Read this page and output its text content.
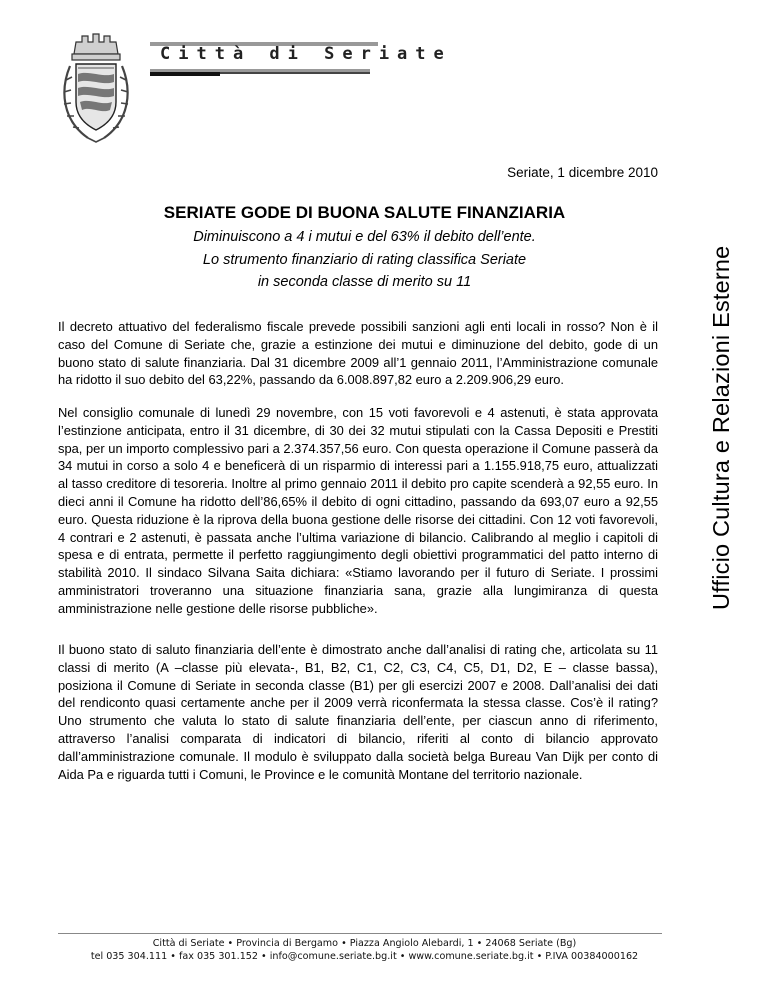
Città di Seriate
Ufficio Cultura e Relazioni Esterne
Seriate, 1 dicembre 2010
SERIATE GODE DI BUONA SALUTE FINANZIARIA
Diminuiscono a 4 i mutui e del 63% il debito dell’ente.
Lo strumento finanziario di rating classifica Seriate
in seconda classe di merito su 11

Il decreto attuativo del federalismo fiscale prevede possibili sanzioni agli enti locali in rosso? Non è il caso del Comune di Seriate che, grazie a estinzione dei mutui e diminuzione del debito, gode di un buono stato di salute finanziaria. Dal 31 dicembre 2009 all’1 gennaio 2011, l’Amministrazione comunale ha ridotto il suo debito del 63,22%, passando da 6.008.897,82 euro a 2.209.906,29 euro.

Nel consiglio comunale di lunedì 29 novembre, con 15 voti favorevoli e 4 astenuti, è stata approvata l’estinzione anticipata, entro il 31 dicembre, di 30 dei 32 mutui stipulati con la Cassa Depositi e Prestiti spa, per un importo complessivo pari a 2.374.357,56 euro. Con questa operazione il Comune passerà da 34 mutui in corso a solo 4 e beneficerà di un risparmio di interessi pari a 1.155.918,75 euro, attualizzati al tasso creditore di tesoreria. Inoltre al primo gennaio 2011 il debito pro capite scenderà a 92,55 euro. In dieci anni il Comune ha ridotto dell’86,65% il debito di ogni cittadino, passando da 693,07 euro a 92,55 euro. Questa riduzione è la riprova della buona gestione delle risorse dei cittadini. Con 12 voti favorevoli, 4 contrari e 2 astenuti, è passata anche l’ultima variazione di bilancio. Calibrando al meglio i capitoli di spesa e di entrata, permette il perfetto raggiungimento degli obiettivi programmatici del patto interno di stabilità 2010. Il sindaco Silvana Saita dichiara: «Stiamo lavorando per il futuro di Seriate. I prossimi amministratori troveranno una situazione finanziaria sana, grazie alla lungimiranza di questa amministrazione nelle gestione delle risorse pubbliche».

Il buono stato di saluto finanziaria dell’ente è dimostrato anche dall’analisi di rating che, articolata su 11 classi di merito (A –classe più elevata-, B1, B2, C1, C2, C3, C4, C5, D1, D2, E – classe bassa), posiziona il Comune di Seriate in seconda classe (B1) per gli esercizi 2007 e 2008. Dall’analisi dei dati del rendiconto quasi certamente anche per il 2009 verrà riconfermata la stessa classe. Cos’è il rating? Uno strumento che valuta lo stato di salute finanziaria dell’ente, per ciascun anno di riferimento, attraverso l’analisi comparata di indicatori di bilancio, riferiti al conto di bilancio approvato dall’amministrazione comunale. Il modulo è sviluppato dalla società belga Bureau Van Dijk per conto di Aida Pa e riguarda tutti i Comuni, le Province e le comunità Montane del territorio nazionale.

Città di Seriate • Provincia di Bergamo • Piazza Angiolo Alebardi, 1 • 24068 Seriate (Bg)
tel 035 304.111 • fax 035 301.152 • info@comune.seriate.bg.it • www.comune.seriate.bg.it • P.IVA 00384000162
